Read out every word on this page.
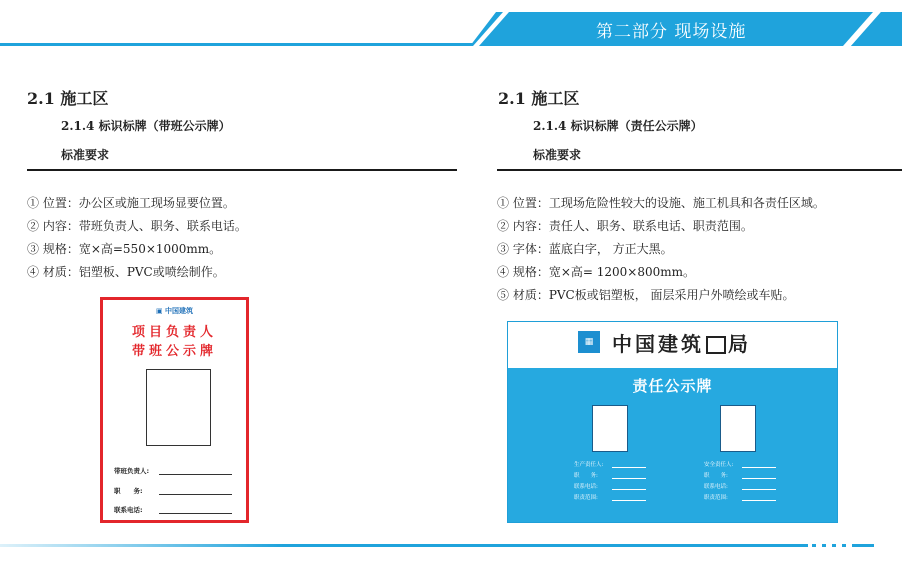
第二部分 现场设施
2.1 施工区
2.1.4 标识标牌（带班公示牌）
标准要求
① 位置：办公区或施工现场显要位置。
② 内容：带班负责人、职务、联系电话。
③ 规格：宽×高=550×1000mm。
④ 材质：铝塑板、PVC或喷绘制作。
▣ 中国建筑
项目负责人
带班公示牌
带班负责人:
职　　务:
联系电话:
2.1 施工区
2.1.4 标识标牌（责任公示牌）
标准要求
① 位置：工现场危险性较大的设施、施工机具和各责任区域。
② 内容：责任人、职务、联系电话、职责范围。
③ 字体：蓝底白字， 方正大黑。
④ 规格：宽×高= 1200×800mm。
⑤ 材质：PVC板或铝塑板， 面层采用户外喷绘或车贴。
▦ 中国建筑 局
责任公示牌
生产责任人:
职　　务:
联系电话:
职责范围:
安全责任人:
职　　务:
联系电话:
职责范围:
